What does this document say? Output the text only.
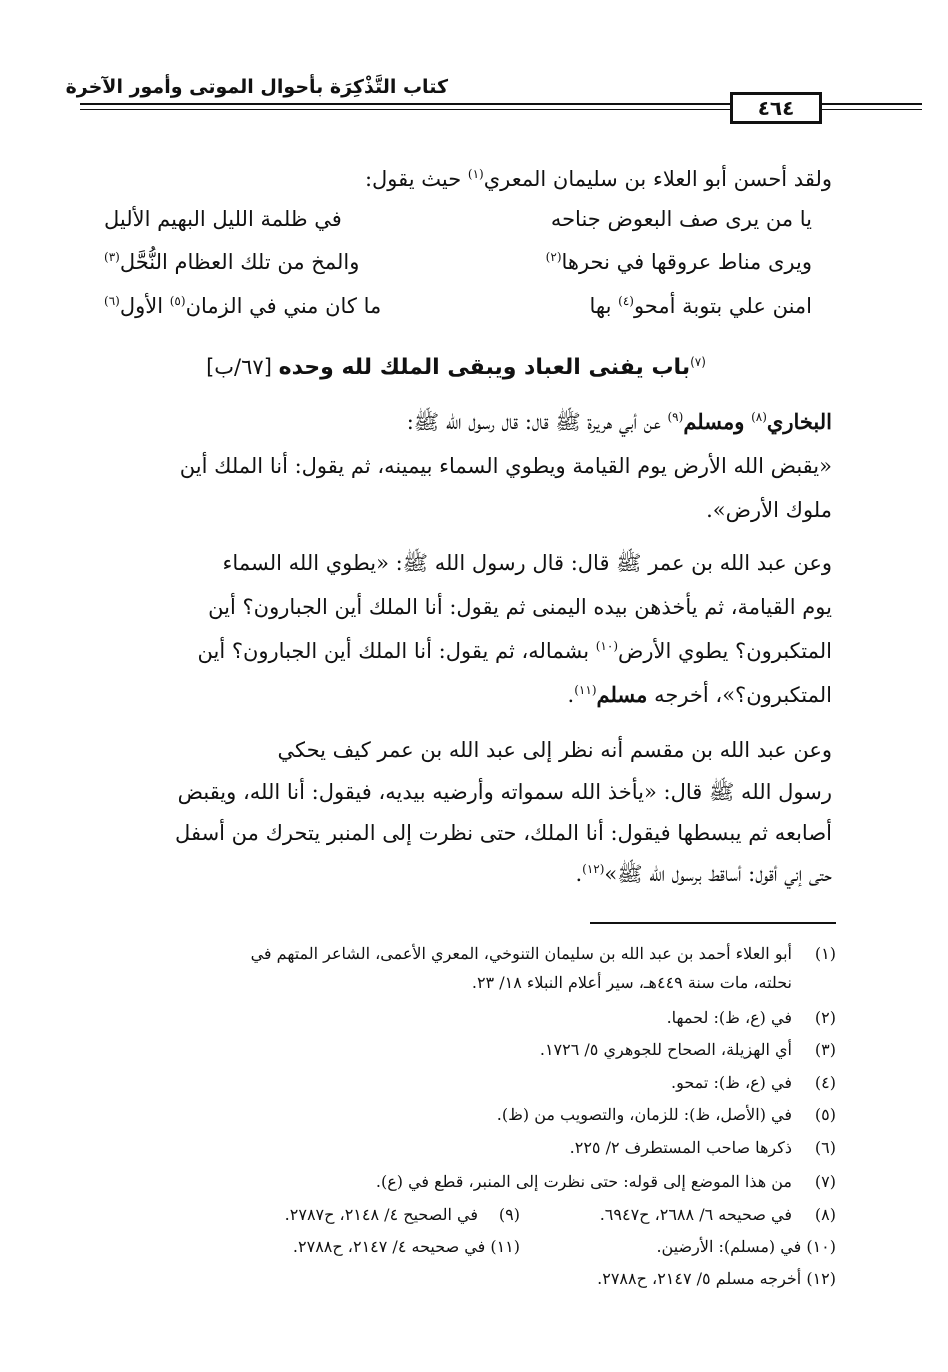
كتاب التَّذْكِرَة بأحوال الموتى وأمور الآخرة
٤٦٤
ولقد أحسن أبو العلاء بن سليمان المعري$^{(١)}$ حيث يقول:
يا من يرى صف البعوض جناحه
في ظلمة الليل البهيم الأليل
ويرى مناط عروقها في نحرها$^{(٢)}$
والمخ من تلك العظام النُّحَّل$^{(٣)}$
امنن علي بتوبة أمحو$^{(٤)}$ بها
ما كان مني في الزمان$^{(٥)}$ الأول$^{(٦)}$
$^{(٧)}$باب يفنى العباد ويبقى الملك لله وحده [٦٧/ب]
البخاري$^{(٨)}$ ومسلم$^{(٩)}$ عن أبي هريرة ﷺ قال: قال رسول الله ﷺ:
«يقبض الله الأرض يوم القيامة ويطوي السماء بيمينه، ثم يقول: أنا الملك أين
ملوك الأرض».
وعن عبد الله بن عمر ﷺ قال: قال رسول الله ﷺ: «يطوي الله السماء
يوم القيامة، ثم يأخذهن بيده اليمنى ثم يقول: أنا الملك أين الجبارون؟ أين
المتكبرون؟ يطوي الأرض$^{(١٠)}$ بشماله، ثم يقول: أنا الملك أين الجبارون؟ أين
المتكبرون؟»، أخرجه مسلم$^{(١١)}$.
وعن عبد الله بن مقسم أنه نظر إلى عبد الله بن عمر كيف يحكي
رسول الله ﷺ قال: «يأخذ الله سمواته وأرضيه بيديه، فيقول: أنا الله، ويقبض
أصابعه ثم يبسطها فيقول: أنا الملك، حتى نظرت إلى المنبر يتحرك من أسفل
حتى إني أقول: أساقط برسول الله ﷺ»$^{(١٢)}$.
(١)
أبو العلاء أحمد بن عبد الله بن سليمان التنوخي، المعري الأعمى، الشاعر المتهم في
نحلته، مات سنة ٤٤٩هـ، سير أعلام النبلاء ١٨/ ٢٣.
(٢)
في (ع، ظ): لحمها.
(٣)
أي الهزيلة، الصحاح للجوهري ٥/ ١٧٢٦.
(٤)
في (ع، ظ): تمحو.
(٥)
في (الأصل، ظ): للزمان، والتصويب من (ظ).
(٦)
ذكرها صاحب المستطرف ٢/ ٢٢٥.
(٧)
من هذا الموضع إلى قوله: حتى نظرت إلى المنبر، قطع في (ع).
(٨)
في صحيحه ٦/ ٢٦٨٨، ح٦٩٤٧.
(٩)
في الصحيح ٤/ ٢١٤٨، ح٢٧٨٧.
(١٠) في (مسلم): الأرضين.
(١١) في صحيحه ٤/ ٢١٤٧، ح٢٧٨٨.
(١٢) أخرجه مسلم ٥/ ٢١٤٧، ح٢٧٨٨.
